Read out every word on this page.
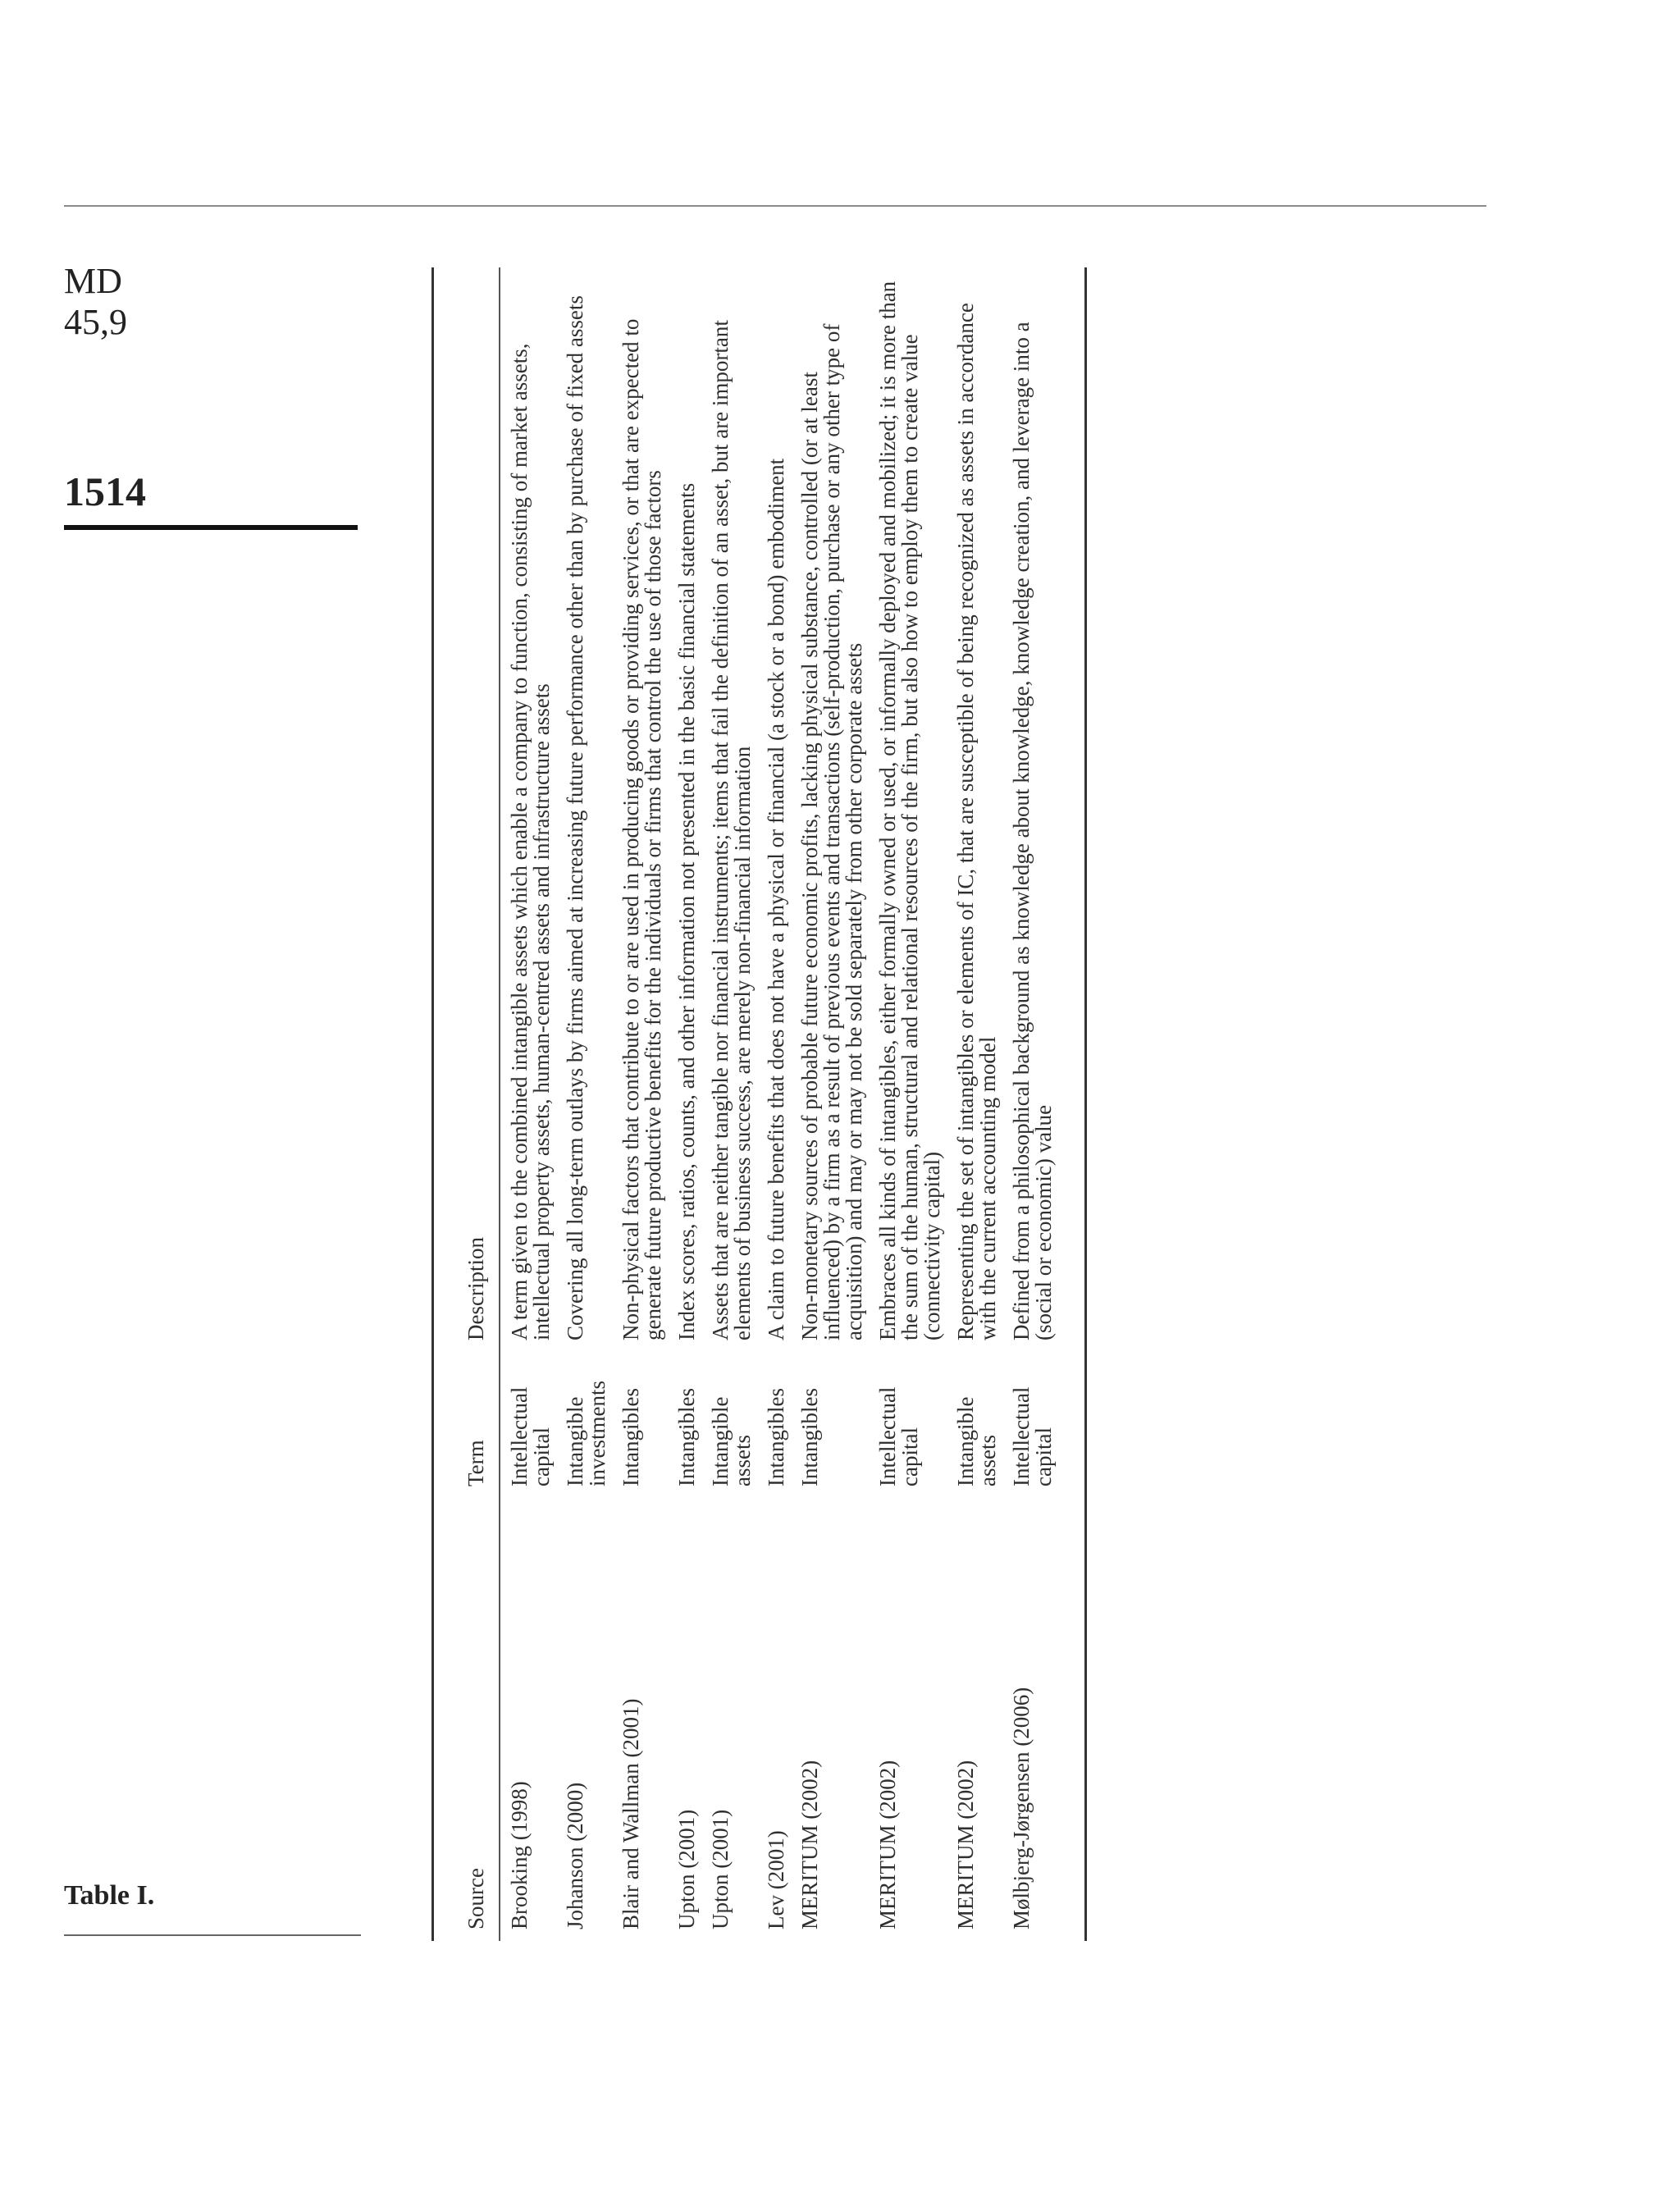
MD
45,9
1514
Table I.	Source	Term	Description
Brooking (1998)	Intellectual capital	A term given to the combined intangible assets which enable a company to function, consisting of market assets, intellectual property assets, human-centred assets and infrastructure assets
Johanson (2000)	Intangible investments	Covering all long-term outlays by firms aimed at increasing future performance other than by purchase of fixed assets
Blair and Wallman (2001)	Intangibles	Non-physical factors that contribute to or are used in producing goods or providing services, or that are expected to generate future productive benefits for the individuals or firms that control the use of those factors
Upton (2001)	Intangibles	Index scores, ratios, counts, and other information not presented in the basic financial statements
Upton (2001)	Intangible assets	Assets that are neither tangible nor financial instruments; items that fail the definition of an asset, but are important elements of business success, are merely non-financial information
Lev (2001)	Intangibles	A claim to future benefits that does not have a physical or financial (a stock or a bond) embodiment
MERITUM (2002)	Intangibles	Non-monetary sources of probable future economic profits, lacking physical substance, controlled (or at least influenced) by a firm as a result of previous events and transactions (self-production, purchase or any other type of acquisition) and may or may not be sold separately from other corporate assets
MERITUM (2002)	Intellectual capital	Embraces all kinds of intangibles, either formally owned or used, or informally deployed and mobilized; it is more than the sum of the human, structural and relational resources of the firm, but also how to employ them to create value (connectivity capital)
MERITUM (2002)	Intangible assets	Representing the set of intangibles or elements of IC, that are susceptible of being recognized as assets in accordance with the current accounting model
Mølbjerg-Jørgensen (2006)	Intellectual capital	Defined from a philosophical background as knowledge about knowledge, knowledge creation, and leverage into a (social or economic) value
